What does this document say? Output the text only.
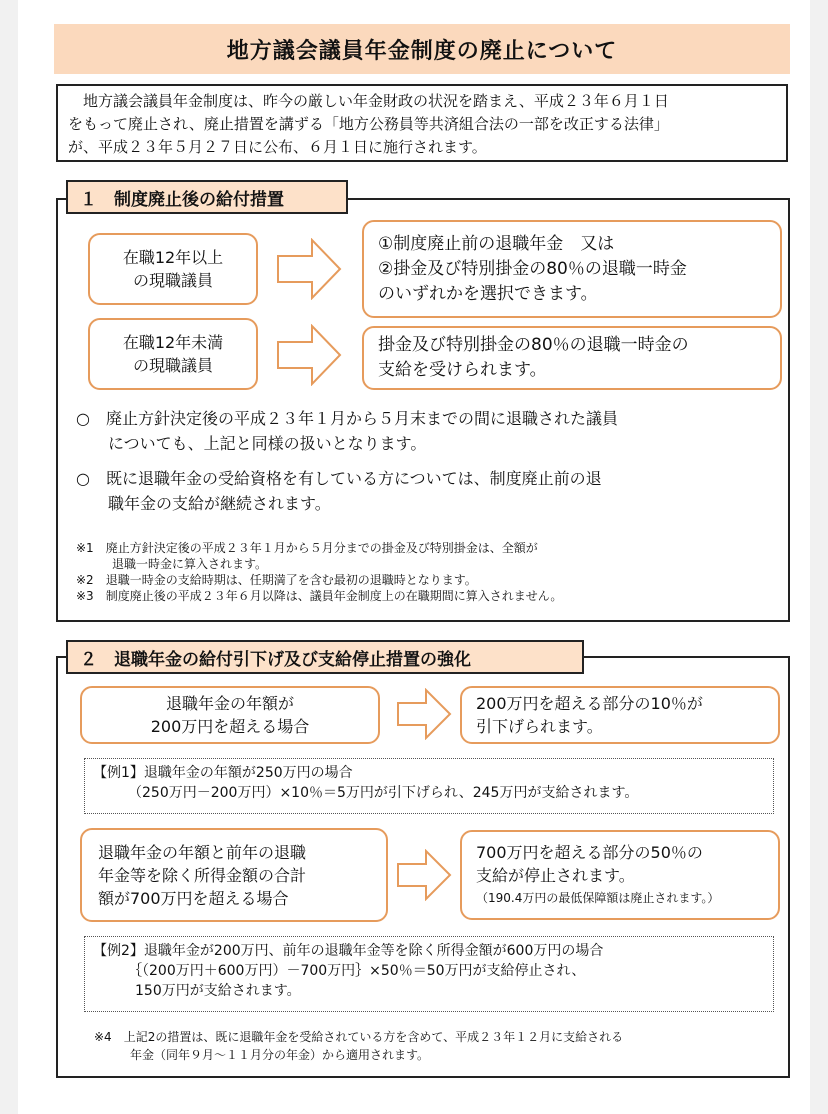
地方議会議員年金制度の廃止について

　地方議会議員年金制度は、昨今の厳しい年金財政の状況を踏まえ、平成２３年６月１日

をもって廃止され、廃止措置を講ずる「地方公務員等共済組合法の一部を改正する法律」

が、平成２３年５月２７日に公布、６月１日に施行されます。

１　制度廃止後の給付措置

在職12年以上

の現職議員

①制度廃止前の退職年金　又は

②掛金及び特別掛金の80％の退職一時金

のいずれかを選択できます。

在職12年未満

の現職議員

掛金及び特別掛金の80％の退職一時金の

支給を受けられます。

○　廃止方針決定後の平成２３年１月から５月末までの間に退職された議員

　　についても、上記と同様の扱いとなります。

○　既に退職年金の受給資格を有している方については、制度廃止前の退

　　職年金の支給が継続されます。

※1　廃止方針決定後の平成２３年１月から５月分までの掛金及び特別掛金は、全額が

　　　退職一時金に算入されます。

※2　退職一時金の支給時期は、任期満了を含む最初の退職時となります。

※3　制度廃止後の平成２３年６月以降は、議員年金制度上の在職期間に算入されません。

２　退職年金の給付引下げ及び支給停止措置の強化

退職年金の年額が

200万円を超える場合

200万円を超える部分の10％が

引下げられます。

【例1】退職年金の年額が250万円の場合

　　　（250万円－200万円）×10％＝5万円が引下げられ、245万円が支給されます。

退職年金の年額と前年の退職

年金等を除く所得金額の合計

額が700万円を超える場合

700万円を超える部分の50％の

支給が停止されます。

（190.4万円の最低保障額は廃止されます。）

【例2】退職年金が200万円、前年の退職年金等を除く所得金額が600万円の場合

　　　｛（200万円＋600万円）－700万円｝×50％＝50万円が支給停止され、

　　　150万円が支給されます。

※4　上記2の措置は、既に退職年金を受給されている方を含めて、平成２３年１２月に支給される

　　　年金（同年９月～１１月分の年金）から適用されます。
